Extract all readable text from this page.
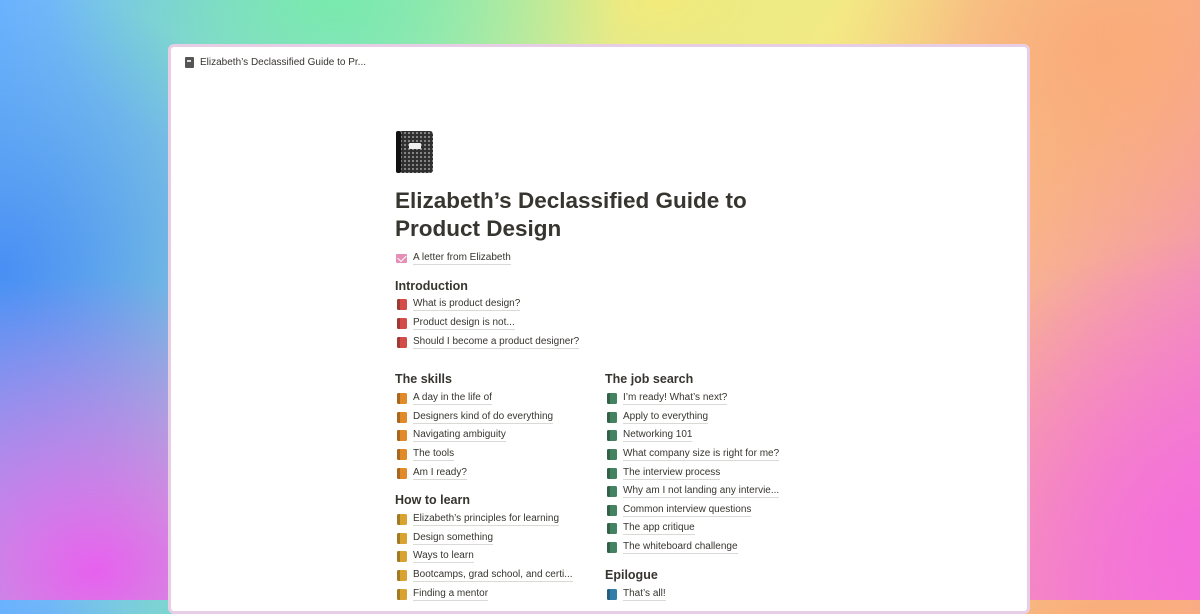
Elizabeth’s Declassified Guide to Pr...
Elizabeth’s Declassified Guide to
Product Design
A letter from Elizabeth
Introduction
What is product design?
Product design is not...
Should I become a product designer?
The skills
A day in the life of
Designers kind of do everything
Navigating ambiguity
The tools
Am I ready?
How to learn
Elizabeth’s principles for learning
Design something
Ways to learn
Bootcamps, grad school, and certi...
Finding a mentor
The job search
I’m ready! What’s next?
Apply to everything
Networking 101
What company size is right for me?
The interview process
Why am I not landing any intervie...
Common interview questions
The app critique
The whiteboard challenge
Epilogue
That’s all!
